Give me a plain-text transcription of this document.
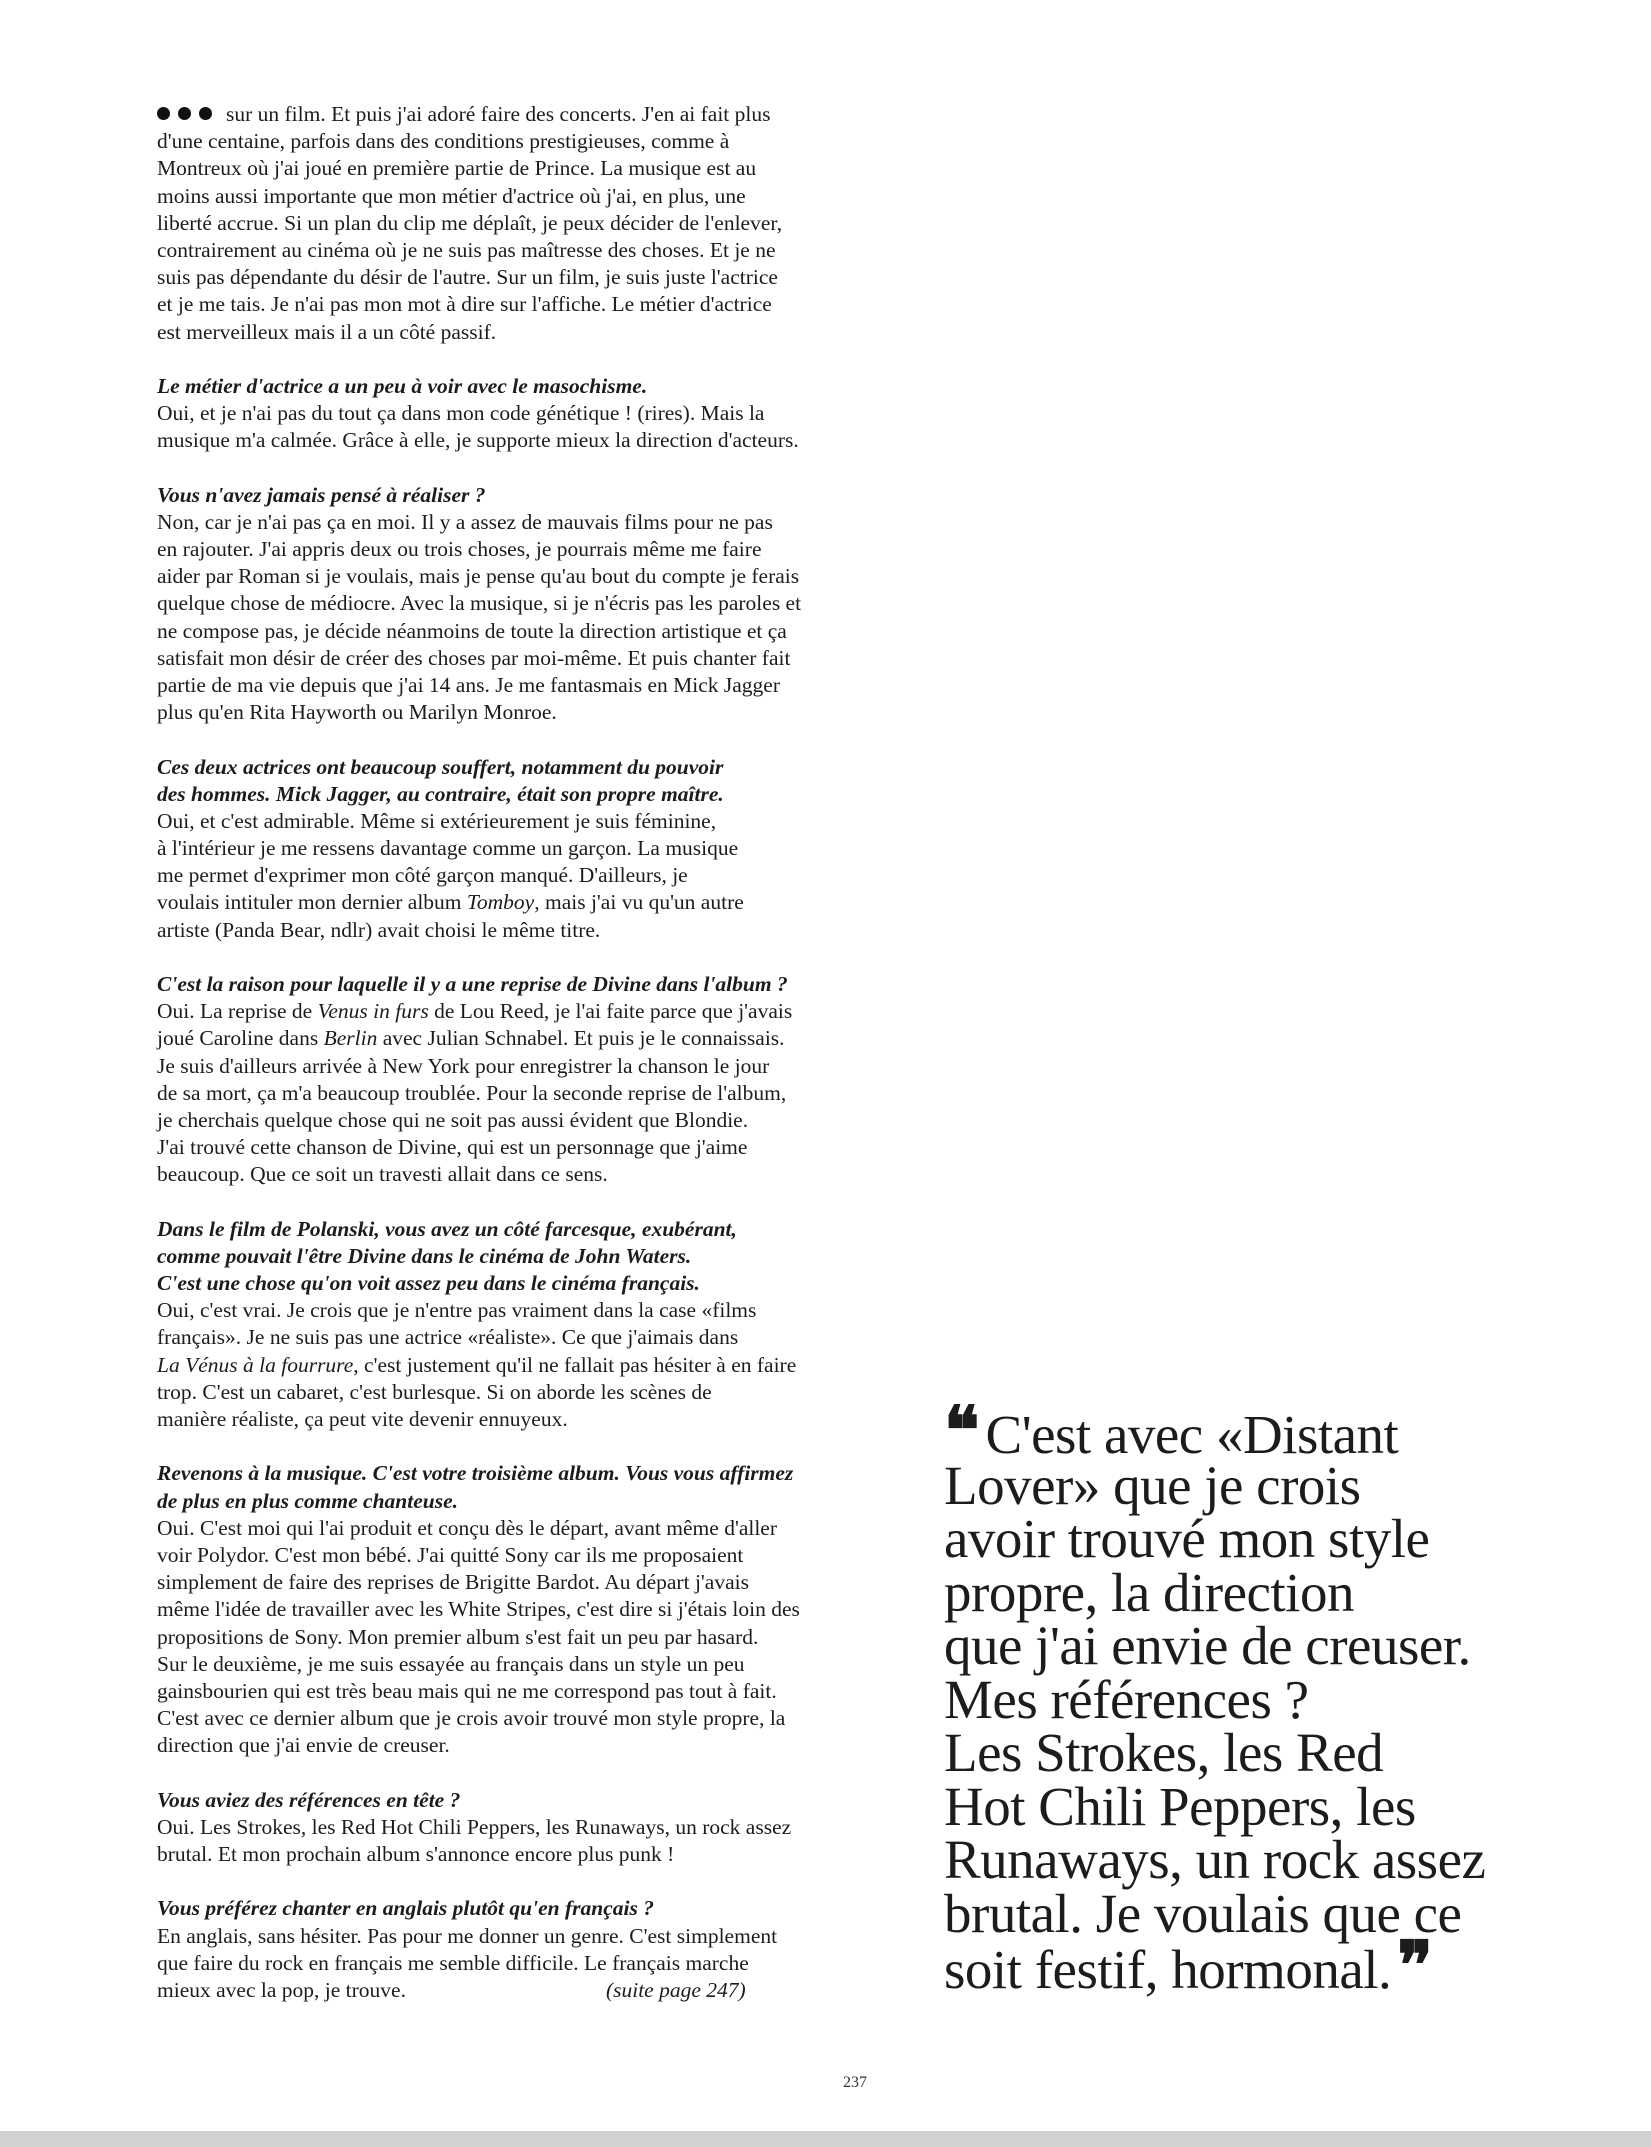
sur un film. Et puis j'ai adoré faire des concerts. J'en ai fait plus
d'une centaine, parfois dans des conditions prestigieuses, comme à
Montreux où j'ai joué en première partie de Prince. La musique est au
moins aussi importante que mon métier d'actrice où j'ai, en plus, une
liberté accrue. Si un plan du clip me déplaît, je peux décider de l'enlever,
contrairement au cinéma où je ne suis pas maîtresse des choses. Et je ne
suis pas dépendante du désir de l'autre. Sur un film, je suis juste l'actrice
et je me tais. Je n'ai pas mon mot à dire sur l'affiche. Le métier d'actrice
est merveilleux mais il a un côté passif.
Le métier d'actrice a un peu à voir avec le masochisme.
Oui, et je n'ai pas du tout ça dans mon code génétique ! (rires). Mais la
musique m'a calmée. Grâce à elle, je supporte mieux la direction d'acteurs.
Vous n'avez jamais pensé à réaliser ?
Non, car je n'ai pas ça en moi. Il y a assez de mauvais films pour ne pas
en rajouter. J'ai appris deux ou trois choses, je pourrais même me faire
aider par Roman si je voulais, mais je pense qu'au bout du compte je ferais
quelque chose de médiocre. Avec la musique, si je n'écris pas les paroles et
ne compose pas, je décide néanmoins de toute la direction artistique et ça
satisfait mon désir de créer des choses par moi-même. Et puis chanter fait
partie de ma vie depuis que j'ai 14 ans. Je me fantasmais en Mick Jagger
plus qu'en Rita Hayworth ou Marilyn Monroe.
Ces deux actrices ont beaucoup souffert, notamment du pouvoir
des hommes. Mick Jagger, au contraire, était son propre maître.
Oui, et c'est admirable. Même si extérieurement je suis féminine,
à l'intérieur je me ressens davantage comme un garçon. La musique
me permet d'exprimer mon côté garçon manqué. D'ailleurs, je
voulais intituler mon dernier album Tomboy, mais j'ai vu qu'un autre
artiste (Panda Bear, ndlr) avait choisi le même titre.
C'est la raison pour laquelle il y a une reprise de Divine dans l'album ?
Oui. La reprise de Venus in furs de Lou Reed, je l'ai faite parce que j'avais
joué Caroline dans Berlin avec Julian Schnabel. Et puis je le connaissais.
Je suis d'ailleurs arrivée à New York pour enregistrer la chanson le jour
de sa mort, ça m'a beaucoup troublée. Pour la seconde reprise de l'album,
je cherchais quelque chose qui ne soit pas aussi évident que Blondie.
J'ai trouvé cette chanson de Divine, qui est un personnage que j'aime
beaucoup. Que ce soit un travesti allait dans ce sens.
Dans le film de Polanski, vous avez un côté farcesque, exubérant,
comme pouvait l'être Divine dans le cinéma de John Waters.
C'est une chose qu'on voit assez peu dans le cinéma français.
Oui, c'est vrai. Je crois que je n'entre pas vraiment dans la case «films
français». Je ne suis pas une actrice «réaliste». Ce que j'aimais dans
La Vénus à la fourrure, c'est justement qu'il ne fallait pas hésiter à en faire
trop. C'est un cabaret, c'est burlesque. Si on aborde les scènes de
manière réaliste, ça peut vite devenir ennuyeux.
Revenons à la musique. C'est votre troisième album. Vous vous affirmez
de plus en plus comme chanteuse.
Oui. C'est moi qui l'ai produit et conçu dès le départ, avant même d'aller
voir Polydor. C'est mon bébé. J'ai quitté Sony car ils me proposaient
simplement de faire des reprises de Brigitte Bardot. Au départ j'avais
même l'idée de travailler avec les White Stripes, c'est dire si j'étais loin des
propositions de Sony. Mon premier album s'est fait un peu par hasard.
Sur le deuxième, je me suis essayée au français dans un style un peu
gainsbourien qui est très beau mais qui ne me correspond pas tout à fait.
C'est avec ce dernier album que je crois avoir trouvé mon style propre, la
direction que j'ai envie de creuser.
Vous aviez des références en tête ?
Oui. Les Strokes, les Red Hot Chili Peppers, les Runaways, un rock assez
brutal. Et mon prochain album s'annonce encore plus punk !
Vous préférez chanter en anglais plutôt qu'en français ?
En anglais, sans hésiter. Pas pour me donner un genre. C'est simplement
que faire du rock en français me semble difficile. Le français marche
mieux avec la pop, je trouve.	(suite page 247)
❝ C'est avec «Distant
Lover» que je crois
avoir trouvé mon style
propre, la direction
que j'ai envie de creuser.
Mes références ?
Les Strokes, les Red
Hot Chili Peppers, les
Runaways, un rock assez
brutal. Je voulais que ce
soit festif, hormonal.❞
237
